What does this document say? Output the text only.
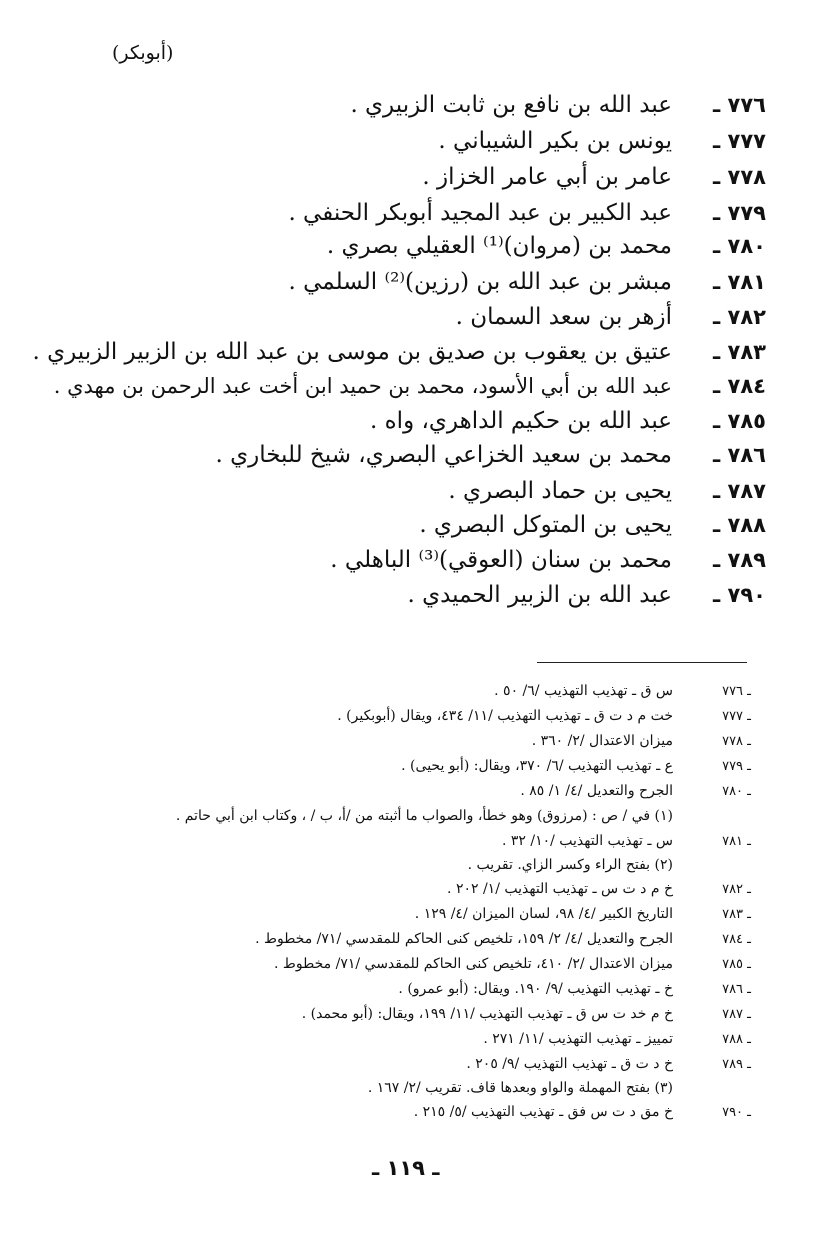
(أبوبكر)
٧٧٦ ـ
عبد الله بن نافع بن ثابت الزبيري .
٧٧٧ ـ
يونس بن بكير الشيباني .
٧٧٨ ـ
عامر بن أبي عامر الخزاز .
٧٧٩ ـ
عبد الكبير بن عبد المجيد أبوبكر الحنفي .
٧٨٠ ـ
محمد بن (مروان)⁽¹⁾ العقيلي بصري .
٧٨١ ـ
مبشر بن عبد الله بن (رزين)⁽²⁾ السلمي .
٧٨٢ ـ
أزهر بن سعد السمان .
٧٨٣ ـ
عتيق بن يعقوب بن صديق بن موسى بن عبد الله بن الزبير الزبيري .
٧٨٤ ـ
عبد الله بن أبي الأسود، محمد بن حميد ابن أخت عبد الرحمن بن مهدي .
٧٨٥ ـ
عبد الله بن حكيم الداهري، واه .
٧٨٦ ـ
محمد بن سعيد الخزاعي البصري، شيخ للبخاري .
٧٨٧ ـ
يحيى بن حماد البصري .
٧٨٨ ـ
يحيى بن المتوكل البصري .
٧٨٩ ـ
محمد بن سنان (العوقي)⁽³⁾ الباهلي .
٧٩٠ ـ
عبد الله بن الزبير الحميدي .
ـ ٧٧٦
س ق ـ تهذيب التهذيب /٦/ ٥٠ .
ـ ٧٧٧
خت م د ت ق ـ تهذيب التهذيب /١١/ ٤٣٤، ويقال (أبوبكير) .
ـ ٧٧٨
ميزان الاعتدال /٢/ ٣٦٠ .
ـ ٧٧٩
ع ـ تهذيب التهذيب /٦/ ٣٧٠، ويقال: (أبو يحيى) .
ـ ٧٨٠
الجرح والتعديل /٤/ ١/ ٨٥ .
(١) في / ص : (مرزوق) وهو خطأ، والصواب ما أثبته من /أ، ب / ، وكتاب ابن أبي حاتم .
ـ ٧٨١
س ـ تهذيب التهذيب /١٠/ ٣٢ .
(٢) بفتح الراء وكسر الزاي. تقريب .
ـ ٧٨٢
خ م د ت س ـ تهذيب التهذيب /١/ ٢٠٢ .
ـ ٧٨٣
التاريخ الكبير /٤/ ٩٨، لسان الميزان /٤/ ١٢٩ .
ـ ٧٨٤
الجرح والتعديل /٤/ ٢/ ١٥٩، تلخيص كنى الحاكم للمقدسي /٧١/ مخطوط .
ـ ٧٨٥
ميزان الاعتدال /٢/ ٤١٠، تلخيص كنى الحاكم للمقدسي /٧١/ مخطوط .
ـ ٧٨٦
خ ـ تهذيب التهذيب /٩/ ١٩٠. ويقال: (أبو عمرو) .
ـ ٧٨٧
خ م خد ت س ق ـ تهذيب التهذيب /١١/ ١٩٩، ويقال: (أبو محمد) .
ـ ٧٨٨
تمييز ـ تهذيب التهذيب /١١/ ٢٧١ .
ـ ٧٨٩
خ د ت ق ـ تهذيب التهذيب /٩/ ٢٠٥ .
(٣) بفتح المهملة والواو وبعدها قاف. تقريب /٢/ ١٦٧ .
ـ ٧٩٠
خ مق د ت س فق ـ تهذيب التهذيب /٥/ ٢١٥ .
ـ ١١٩ ـ
